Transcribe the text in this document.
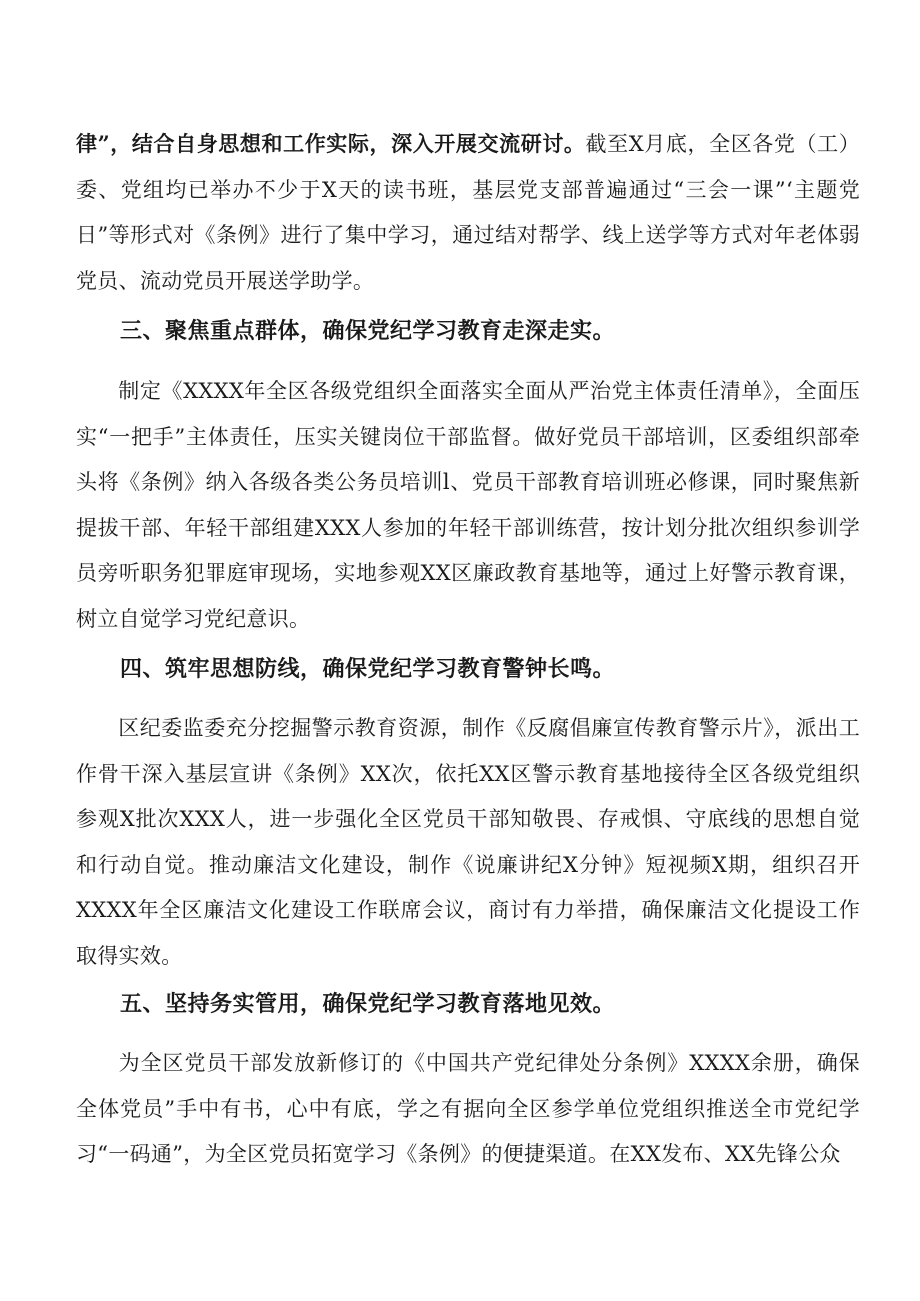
律”，结合自身思想和工作实际，深入开展交流研讨。截至X月底，全区各党（工）委、党组均已举办不少于X天的读书班，基层党支部普遍通过“三会一课”‘主题党日”等形式对《条例》进行了集中学习，通过结对帮学、线上送学等方式对年老体弱党员、流动党员开展送学助学。

三、聚焦重点群体，确保党纪学习教育走深走实。

制定《XXXX年全区各级党组织全面落实全面从严治党主体责任清单》，全面压实“一把手”主体责任，压实关键岗位干部监督。做好党员干部培训，区委组织部牵头将《条例》纳入各级各类公务员培训l、党员干部教育培训班必修课，同时聚焦新提拔干部、年轻干部组建XXX人参加的年轻干部训练营，按计划分批次组织参训学员旁听职务犯罪庭审现场，实地参观XX区廉政教育基地等，通过上好警示教育课，树立自觉学习党纪意识。

四、筑牢思想防线，确保党纪学习教育警钟长鸣。

区纪委监委充分挖掘警示教育资源，制作《反腐倡廉宣传教育警示片》，派出工作骨干深入基层宣讲《条例》XX次，依托XX区警示教育基地接待全区各级党组织参观X批次XXX人，进一步强化全区党员干部知敬畏、存戒惧、守底线的思想自觉和行动自觉。推动廉洁文化建设，制作《说廉讲纪X分钟》短视频X期，组织召开XXXX年全区廉洁文化建设工作联席会议，商讨有力举措，确保廉洁文化提设工作取得实效。

五、坚持务实管用，确保党纪学习教育落地见效。

为全区党员干部发放新修订的《中国共产党纪律处分条例》XXXX余册，确保全体党员”手中有书，心中有底，学之有据向全区参学单位党组织推送全市党纪学习“一码通”，为全区党员拓宽学习《条例》的便捷渠道。在XX发布、XX先锋公众
